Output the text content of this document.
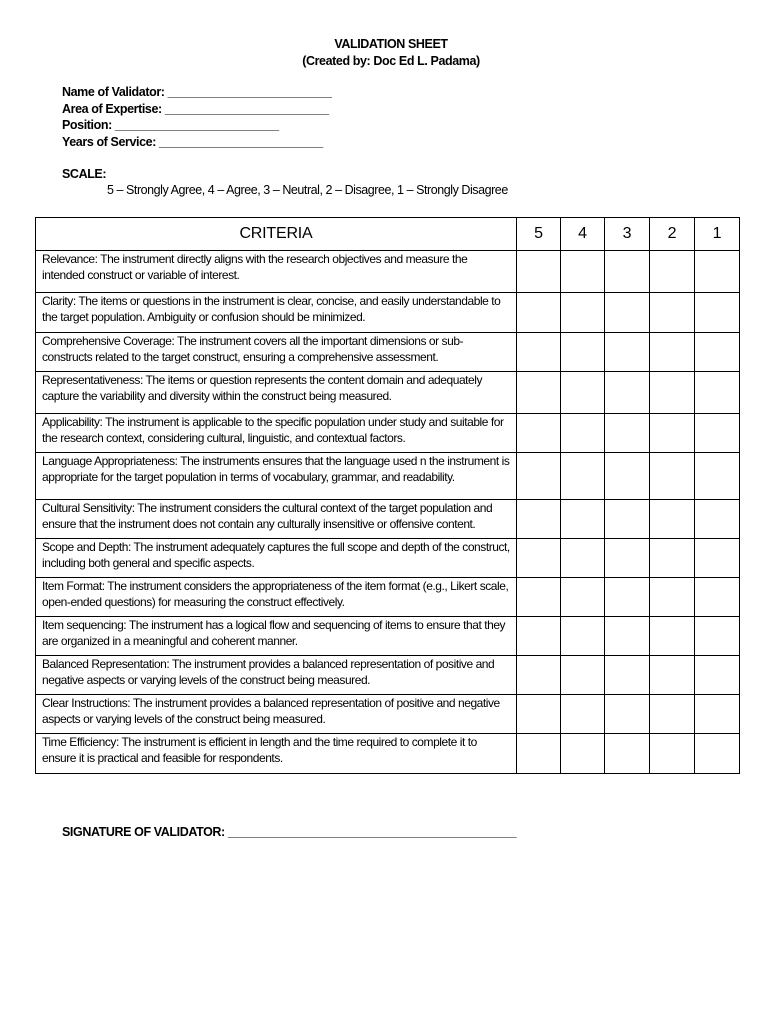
VALIDATION SHEET
(Created by: Doc Ed L. Padama)
Name of Validator: _________________________
Area of Expertise: _________________________
Position: _________________________
Years of Service: _________________________
SCALE:
5 – Strongly Agree, 4 – Agree, 3 – Neutral, 2 – Disagree, 1 – Strongly Disagree
CRITERIA	5	4	3	2	1
Relevance: The instrument directly aligns with the research objectives and measure the intended construct or variable of interest.					
Clarity: The items or questions in the instrument is clear, concise, and easily understandable to the target population. Ambiguity or confusion should be minimized.					
Comprehensive Coverage: The instrument covers all the important dimensions or sub-constructs related to the target construct, ensuring a comprehensive assessment.					
Representativeness: The items or question represents the content domain and adequately capture the variability and diversity within the construct being measured.					
Applicability: The instrument is applicable to the specific population under study and suitable for the research context, considering cultural, linguistic, and contextual factors.					
Language Appropriateness: The instruments ensures that the language used n the instrument is appropriate for the target population in terms of vocabulary, grammar, and readability.					
Cultural Sensitivity: The instrument considers the cultural context of the target population and ensure that the instrument does not contain any culturally insensitive or offensive content.					
Scope and Depth: The instrument adequately captures the full scope and depth of the construct, including both general and specific aspects.					
Item Format: The instrument considers the appropriateness of the item format (e.g., Likert scale, open-ended questions) for measuring the construct effectively.					
Item sequencing: The instrument has a logical flow and sequencing of items to ensure that they are organized in a meaningful and coherent manner.					
Balanced Representation: The instrument provides a balanced representation of positive and negative aspects or varying levels of the construct being measured.					
Clear Instructions: The instrument provides a balanced representation of positive and negative aspects or varying levels of the construct being measured.					
Time Efficiency: The instrument is efficient in length and the time required to complete it to ensure it is practical and feasible for respondents.					
SIGNATURE OF VALIDATOR: ____________________________________________
